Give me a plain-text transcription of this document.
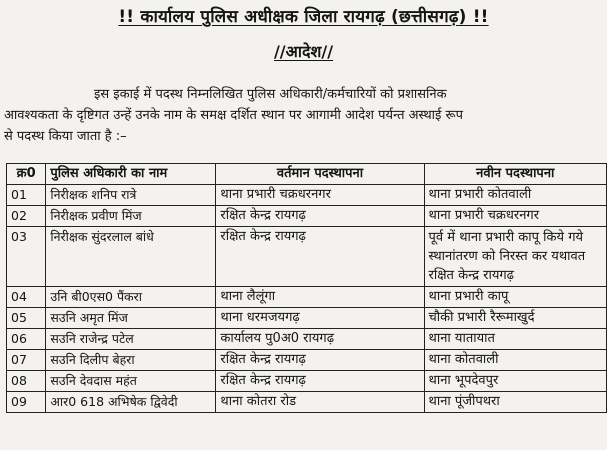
!! कार्यालय पुलिस अधीक्षक जिला रायगढ़ (छत्तीसगढ़) !!
//आदेश//
इस इकाई में पदस्थ निम्नलिखित पुलिस अधिकारी/कर्मचारियों को प्रशासनिक
आवश्यकता के दृष्टिगत उन्हें उनके नाम के समक्ष दर्शित स्थान पर आगामी आदेश पर्यन्त अस्थाई रूप
से पदस्थ किया जाता है :–
क्र0	पुलिस अधिकारी का नाम	वर्तमान पदस्थापना	नवीन पदस्थापना
01	निरीक्षक शनिप रात्रे	थाना प्रभारी चक्रधरनगर	थाना प्रभारी कोतवाली
02	निरीक्षक प्रवीण मिंज	रक्षित केन्द्र रायगढ़	थाना प्रभारी चक्रधरनगर
03	निरीक्षक सुंदरलाल बांधे	रक्षित केन्द्र रायगढ़	पूर्व में थाना प्रभारी कापू किये गये स्थानांतरण को निरस्त कर यथावत रक्षित केन्द्र रायगढ़
04	उनि बी0एस0 पैंकरा	थाना लैलूंगा	थाना प्रभारी कापू
05	सउनि अमृत मिंज	थाना धरमजयगढ़	चौकी प्रभारी रैरूमाखुर्द
06	सउनि राजेन्द्र पटेल	कार्यालय पु0अ0 रायगढ़	थाना यातायात
07	सउनि दिलीप बेहरा	रक्षित केन्द्र रायगढ़	थाना कोतवाली
08	सउनि देवदास महंत	रक्षित केन्द्र रायगढ़	थाना भूपदेवपुर
09	आर0 618 अभिषेक द्विवेदी	थाना कोतरा रोड	थाना पूंजीपथरा
